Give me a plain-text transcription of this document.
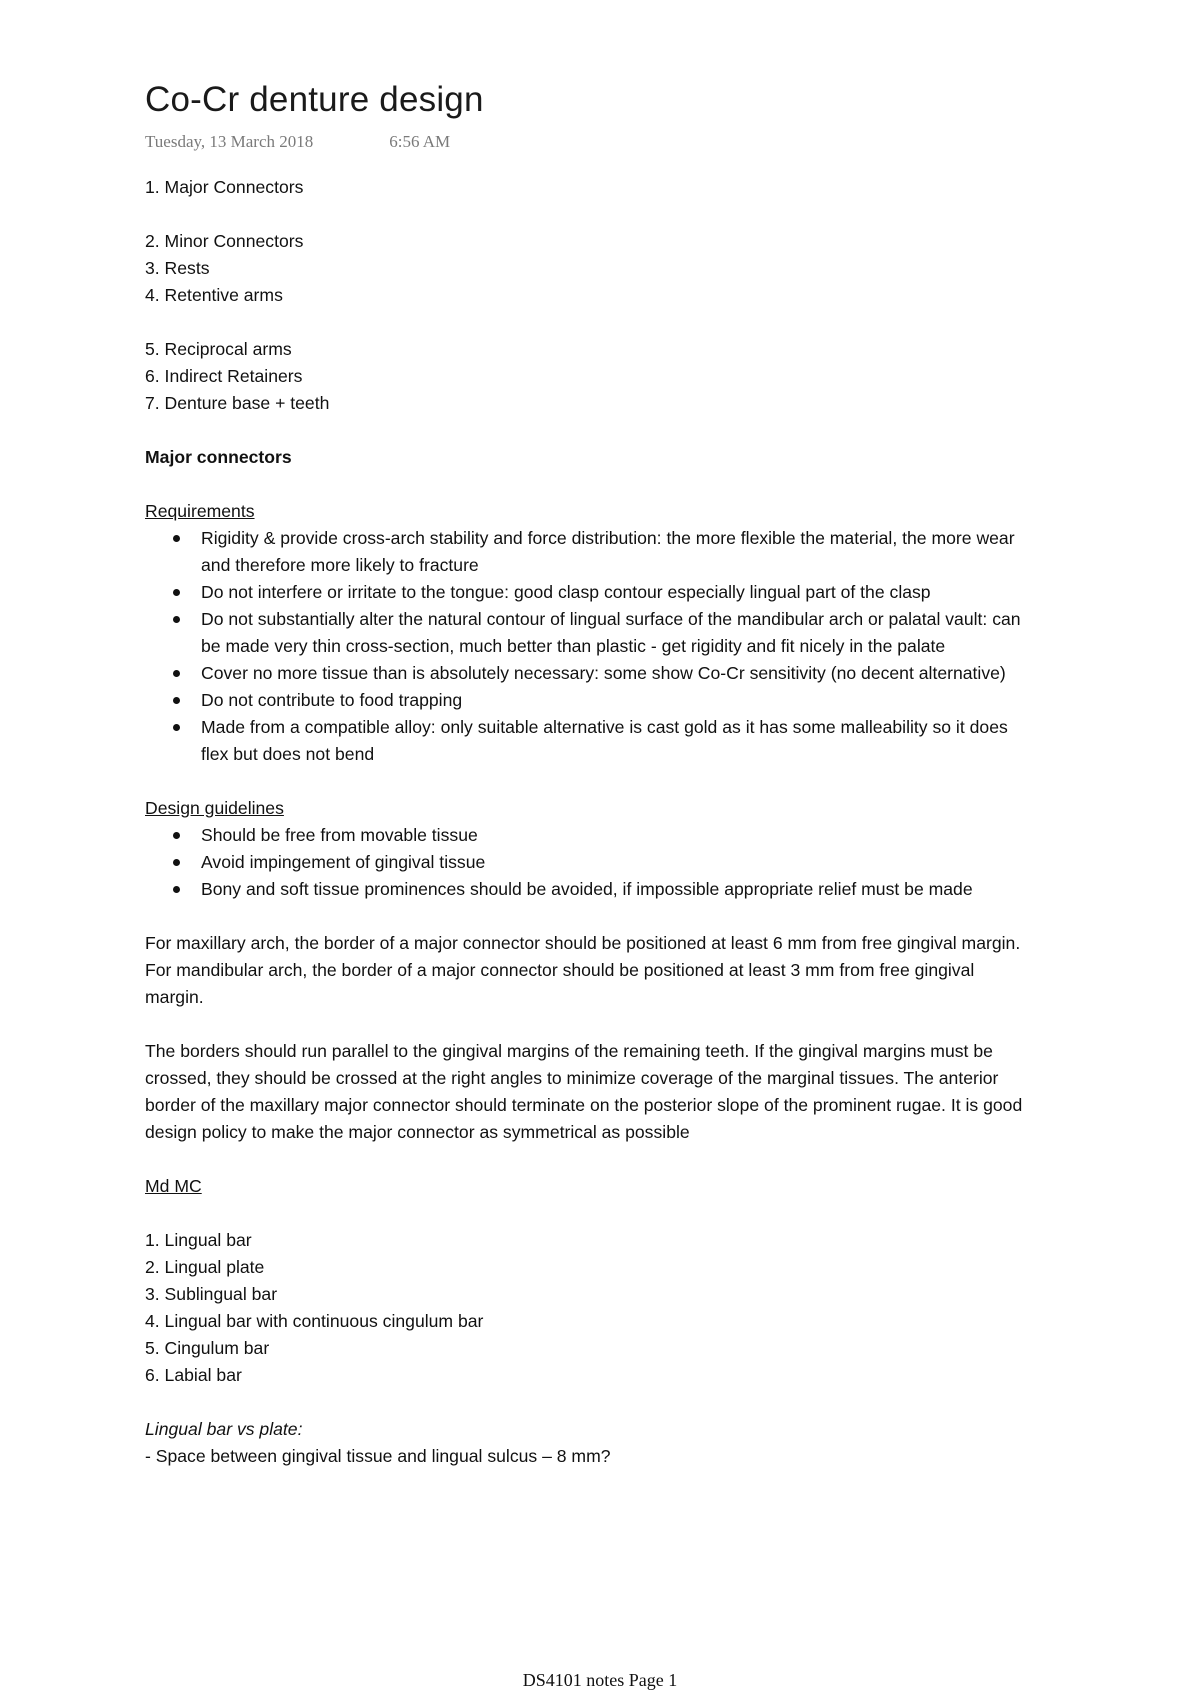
Co-Cr denture design
Tuesday, 13 March 2018	6:56 AM
1. Major Connectors
2. Minor Connectors
3. Rests
4. Retentive arms
5. Reciprocal arms
6. Indirect Retainers
7. Denture base + teeth
Major connectors
Requirements
Rigidity & provide cross-arch stability and force distribution: the more flexible the material, the more wear and therefore more likely to fracture
Do not interfere or irritate to the tongue: good clasp contour especially lingual part of the clasp
Do not substantially alter the natural contour of lingual surface of the mandibular arch or palatal vault: can be made very thin cross-section, much better than plastic - get rigidity and fit nicely in the palate
Cover no more tissue than is absolutely necessary: some show Co-Cr sensitivity (no decent alternative)
Do not contribute to food trapping
Made from a compatible alloy: only suitable alternative is cast gold as it has some malleability so it does flex but does not bend
Design guidelines
Should be free from movable tissue
Avoid impingement of gingival tissue
Bony and soft tissue prominences should be avoided, if impossible appropriate relief must be made
For maxillary arch, the border of a major connector should be positioned at least 6 mm from free gingival margin. For mandibular arch, the border of a major connector should be positioned at least 3 mm from free gingival margin.
The borders should run parallel to the gingival margins of the remaining teeth. If the gingival margins must be crossed, they should be crossed at the right angles to minimize coverage of the marginal tissues. The anterior border of the maxillary major connector should terminate on the posterior slope of the prominent rugae. It is good design policy to make the major connector as symmetrical as possible
Md MC
1. Lingual bar
2. Lingual plate
3. Sublingual bar
4. Lingual bar with continuous cingulum bar
5. Cingulum bar
6. Labial bar
Lingual bar vs plate:
- Space between gingival tissue and lingual sulcus – 8 mm?
DS4101 notes Page 1
